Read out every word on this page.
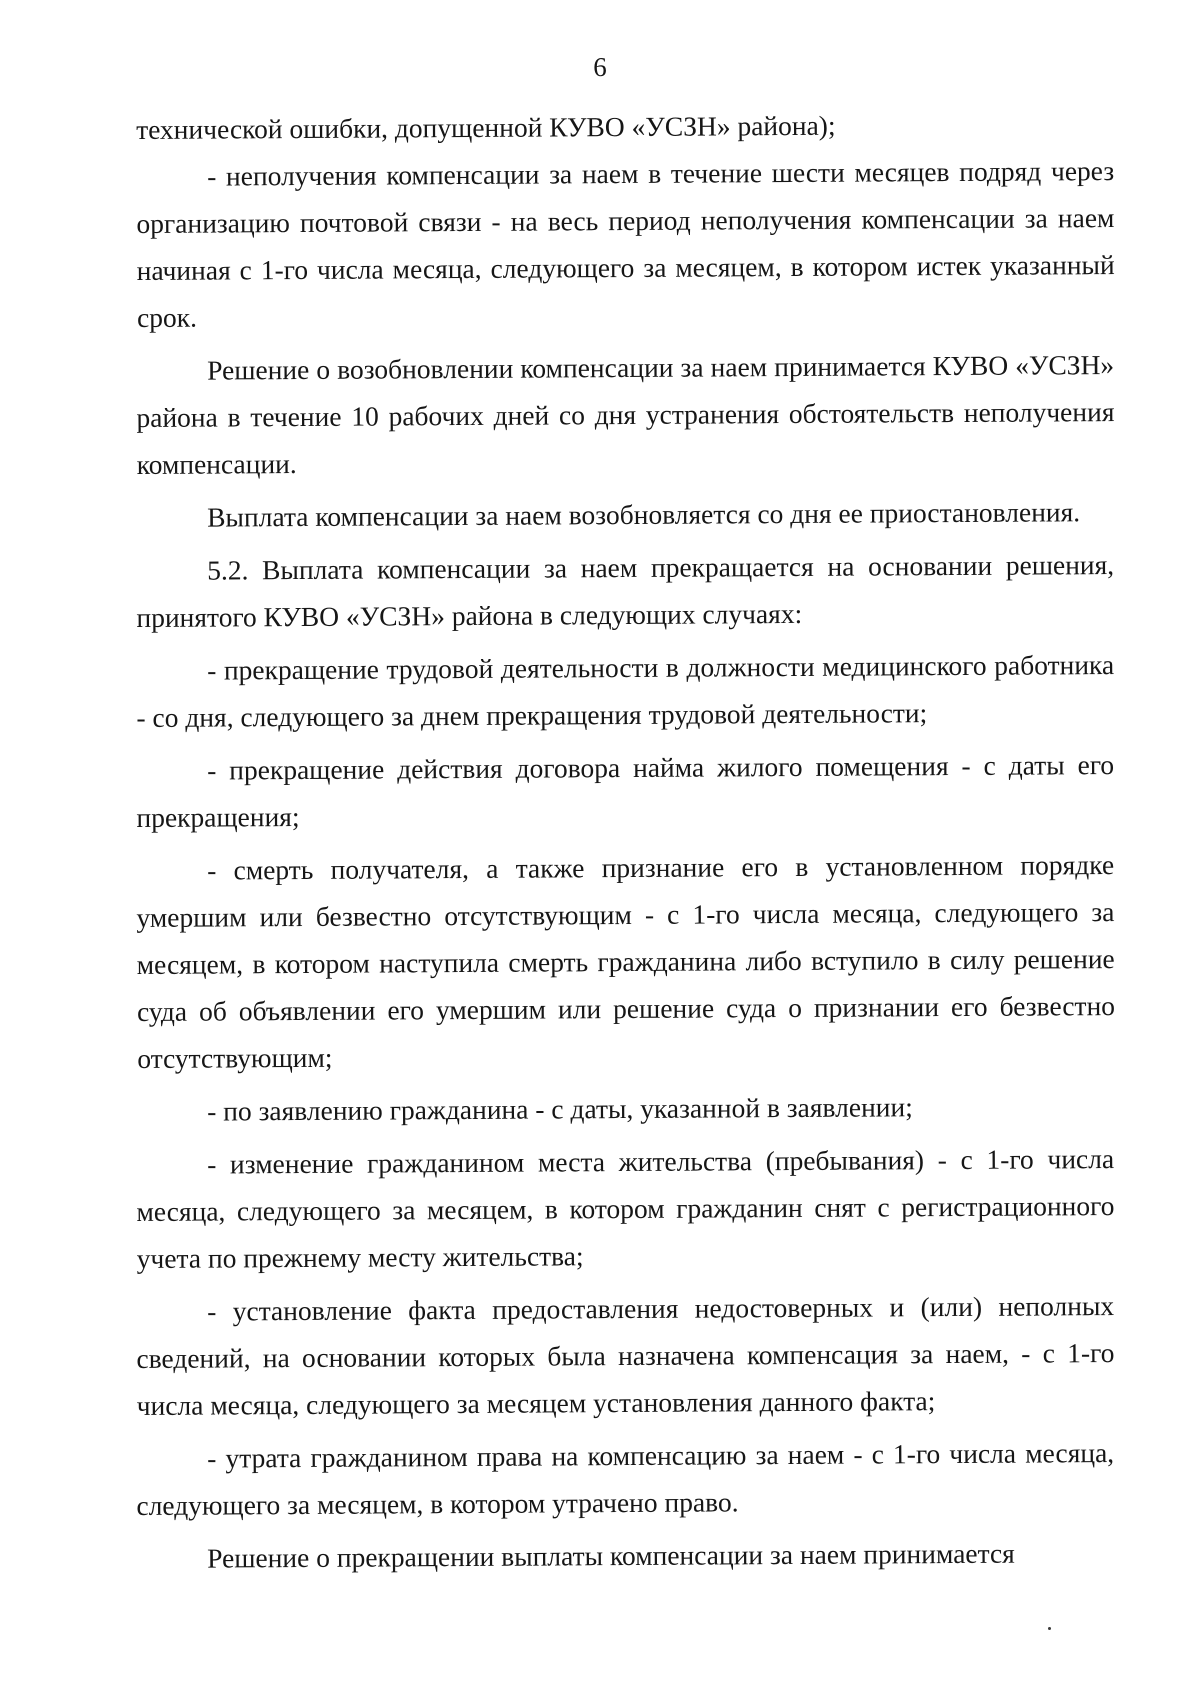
6

технической ошибки, допущенной КУВО «УСЗН» района);

- неполучения компенсации за наем в течение шести месяцев подряд через организацию почтовой связи - на весь период неполучения компенсации за наем начиная с 1-го числа месяца, следующего за месяцем, в котором истек указанный срок.

Решение о возобновлении компенсации за наем принимается КУВО «УСЗН» района в течение 10 рабочих дней со дня устранения обстоятельств неполучения компенсации.

Выплата компенсации за наем возобновляется со дня ее приостановления.

5.2. Выплата компенсации за наем прекращается на основании решения, принятого КУВО «УСЗН» района в следующих случаях:

- прекращение трудовой деятельности в должности медицинского работника - со дня, следующего за днем прекращения трудовой деятельности;

- прекращение действия договора найма жилого помещения - с даты его прекращения;

- смерть получателя, а также признание его в установленном порядке умершим или безвестно отсутствующим - с 1-го числа месяца, следующего за месяцем, в котором наступила смерть гражданина либо вступило в силу решение суда об объявлении его умершим или решение суда о признании его безвестно отсутствующим;

- по заявлению гражданина - с даты, указанной в заявлении;

- изменение гражданином места жительства (пребывания) - с 1-го числа месяца, следующего за месяцем, в котором гражданин снят с регистрационного учета по прежнему месту жительства;

- установление факта предоставления недостоверных и (или) неполных сведений, на основании которых была назначена компенсация за наем, - с 1-го числа месяца, следующего за месяцем установления данного факта;

- утрата гражданином права на компенсацию за наем - с 1-го числа месяца, следующего за месяцем, в котором утрачено право.

Решение о прекращении выплаты компенсации за наем принимается
